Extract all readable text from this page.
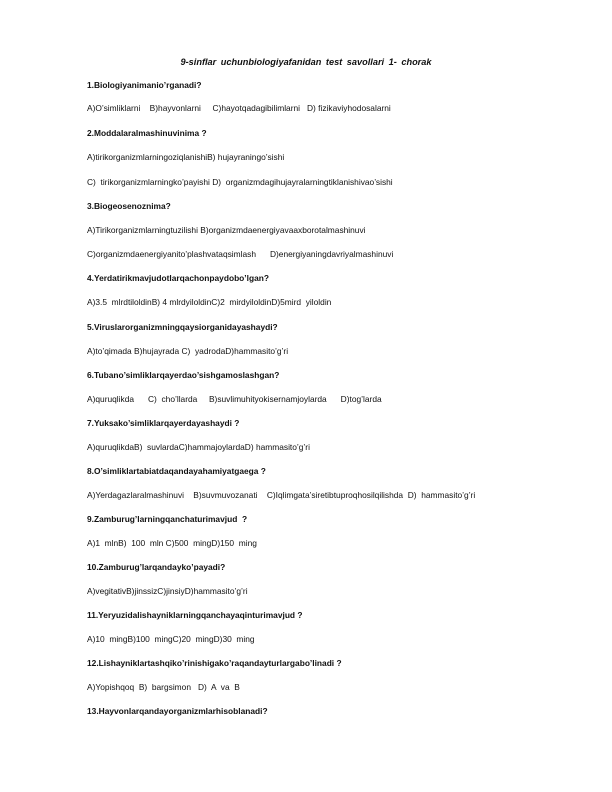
9-sinflar uchunbiologiyafanidan test savollari 1- chorak
1.Biologiyanimanio’rganadi?
A)O’simliklarni    B)hayvonlarni     C)hayotqadagibilimlarni   D) fizikaviyhodosalarni
2.Moddalaralmashinuvinima ?
A)tirikorganizmlarningoziqlanishiB) hujayraningo’sishi
C)  tirikorganizmlarningko’payishi D)  organizmdagihujayralarningtiklanishivao’sishi
3.Biogeosenoznima?
A)Tirikorganizmlarningtuzilishi B)organizmdaenergiyavaaxborotalmashinuvi
C)organizmdaenergiyanito’plashvataqsimlash      D)energiyaningdavriyalmashinuvi
4.Yerdatirikmavjudotlarqachonpaydobo’lgan?
A)3.5  mlrdtiloldinB) 4 mlrdyiloldinC)2  mirdyiloldinD)5mird  yiloldin
5.Viruslarorganizmningqaysiorganidayashaydi?
A)to’qimada B)hujayrada C)  yadrodaD)hammasito’g’ri
6.Tubano’simliklarqayerdao’sishgamoslashgan?
A)quruqlikda      C)  cho’llarda     B)suvlimuhityokisernamjoylarda      D)tog’larda
7.Yuksako’simliklarqayerdayashaydi ?
A)quruqlikdaB)  suvlardaC)hammajoylardaD) hammasito’g’ri
8.O’simliklartabiatdaqandayahamiyatgaega ?
A)Yerdagazlaralmashinuvi    B)suvmuvozanati    C)Iqlimgata’siretibtuproqhosilqilishda  D)  hammasito’g’ri
9.Zamburug’larningqanchaturimavjud  ?
A)1  mlnB)  100  mln C)500  mingD)150  ming
10.Zamburug’larqandayko’payadi?
A)vegitativB)jinssizC)jinsiyD)hammasito’g’ri
11.Yeryuzidalishayniklarningqanchayaqinturimavjud ?
A)10  mingB)100  mingC)20  mingD)30  ming
12.Lishayniklartashqiko’rinishigako’raqandayturlargabo’linadi ?
A)Yopishqoq  B)  bargsimon   D)  A  va  B
13.Hayvonlarqandayorganizmlarhisoblanadi?
